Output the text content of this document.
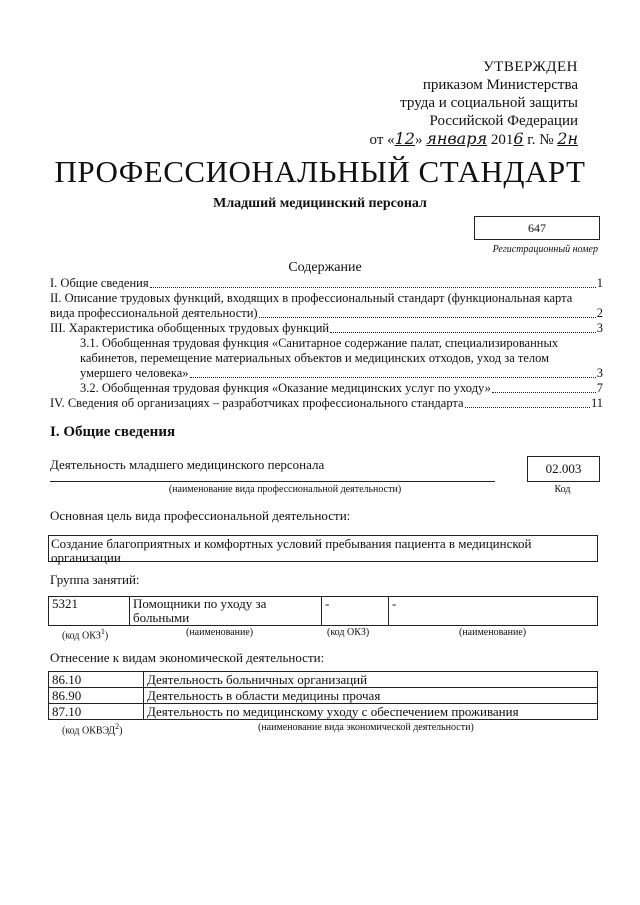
УТВЕРЖДЕН
приказом Министерства
труда и социальной защиты
Российской Федерации
от «12» января 2016 г. № 2н
ПРОФЕССИОНАЛЬНЫЙ СТАНДАРТ
Младший медицинский персонал
647
Регистрационный номер
Содержание
I. Общие сведения	1
II. Описание трудовых функций, входящих в профессиональный стандарт (функциональная карта
вида профессиональной деятельности)	2
III. Характеристика обобщенных трудовых функций	3
3.1. Обобщенная трудовая функция «Санитарное содержание палат, специализированных
кабинетов, перемещение материальных объектов и медицинских отходов, уход за телом
умершего человека»	3
3.2. Обобщенная трудовая функция «Оказание медицинских услуг по уходу»	7
IV. Сведения об организациях – разработчиках профессионального стандарта	11
I. Общие сведения
Деятельность младшего медицинского персонала
(наименование вида профессиональной деятельности)
02.003
Код
Основная цель вида профессиональной деятельности:
Создание благоприятных и комфортных условий пребывания пациента в медицинской организации
Группа занятий:
5321	Помощники по уходу за больными	-	-
(код ОКЗ$^1$)	(наименование)	(код ОКЗ)	(наименование)
Отнесение к видам экономической деятельности:
86.10	Деятельность больничных организаций
86.90	Деятельность в области медицины прочая
87.10	Деятельность по медицинскому уходу с обеспечением проживания
(код ОКВЭД$^2$)	(наименование вида экономической деятельности)
